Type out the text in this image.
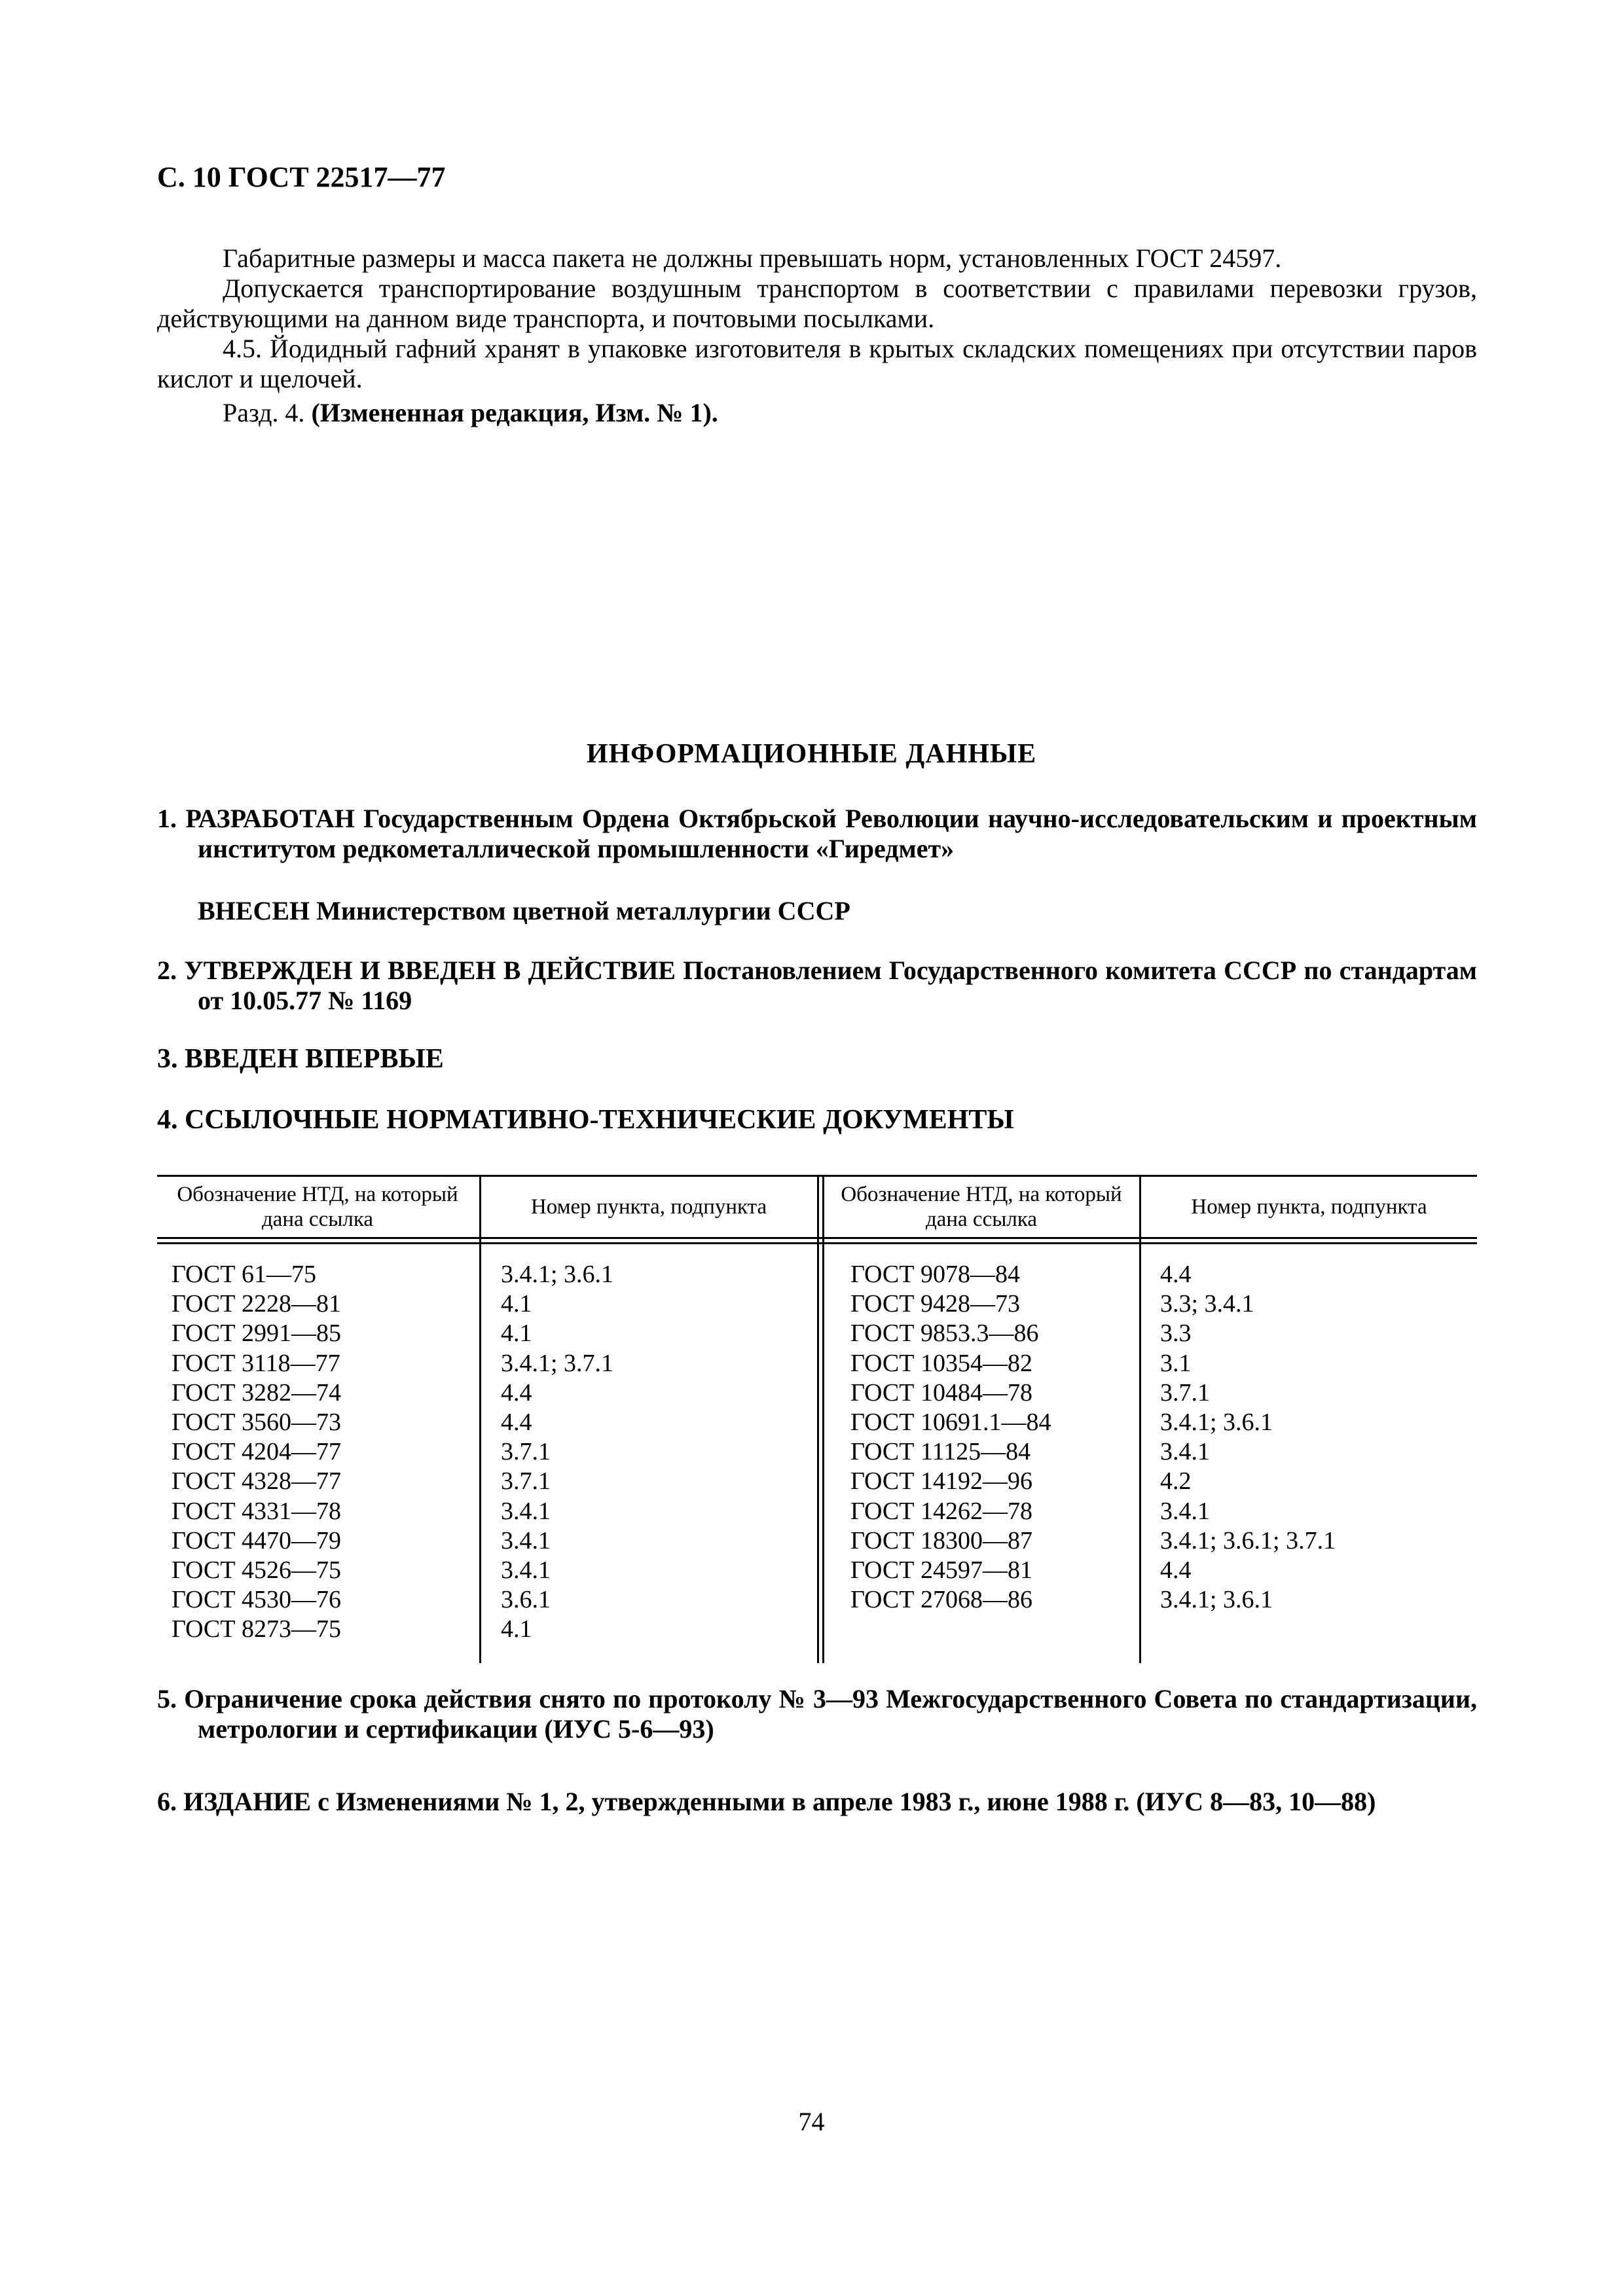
С. 10 ГОСТ 22517—77

Габаритные размеры и масса пакета не должны превышать норм, установленных ГОСТ 24597.

Допускается транспортирование воздушным транспортом в соответствии с правилами перевозки грузов, действующими на данном виде транспорта, и почтовыми посылками.

4.5. Йодидный гафний хранят в упаковке изготовителя в крытых складских помещениях при отсутствии паров кислот и щелочей.

Разд. 4. (Измененная редакция, Изм. № 1).

ИНФОРМАЦИОННЫЕ ДАННЫЕ
1. РАЗРАБОТАН Государственным Ордена Октябрьской Революции научно-исследовательским и проектным институтом редкометаллической промышленности «Гиредмет»
ВНЕСЕН Министерством цветной металлургии СССР
2. УТВЕРЖДЕН И ВВЕДЕН В ДЕЙСТВИЕ Постановлением Государственного комитета СССР по стандартам от 10.05.77 № 1169
3. ВВЕДЕН ВПЕРВЫЕ
4. ССЫЛОЧНЫЕ НОРМАТИВНО-ТЕХНИЧЕСКИЕ ДОКУМЕНТЫ
Обозначение НТД, на который дана ссылка
Номер пункта, подпункта
Обозначение НТД, на который дана ссылка
Номер пункта, подпункта
ГОСТ 61—75
ГОСТ 2228—81
ГОСТ 2991—85
ГОСТ 3118—77
ГОСТ 3282—74
ГОСТ 3560—73
ГОСТ 4204—77
ГОСТ 4328—77
ГОСТ 4331—78
ГОСТ 4470—79
ГОСТ 4526—75
ГОСТ 4530—76
ГОСТ 8273—75
3.4.1; 3.6.1
4.1
4.1
3.4.1; 3.7.1
4.4
4.4
3.7.1
3.7.1
3.4.1
3.4.1
3.4.1
3.6.1
4.1
ГОСТ 9078—84
ГОСТ 9428—73
ГОСТ 9853.3—86
ГОСТ 10354—82
ГОСТ 10484—78
ГОСТ 10691.1—84
ГОСТ 11125—84
ГОСТ 14192—96
ГОСТ 14262—78
ГОСТ 18300—87
ГОСТ 24597—81
ГОСТ 27068—86
4.4
3.3; 3.4.1
3.3
3.1
3.7.1
3.4.1; 3.6.1
3.4.1
4.2
3.4.1
3.4.1; 3.6.1; 3.7.1
4.4
3.4.1; 3.6.1
5. Ограничение срока действия снято по протоколу № 3—93 Межгосударственного Совета по стандартизации, метрологии и сертификации (ИУС 5-6—93)
6. ИЗДАНИЕ с Изменениями № 1, 2, утвержденными в апреле 1983 г., июне 1988 г. (ИУС 8—83, 10—88)
74
